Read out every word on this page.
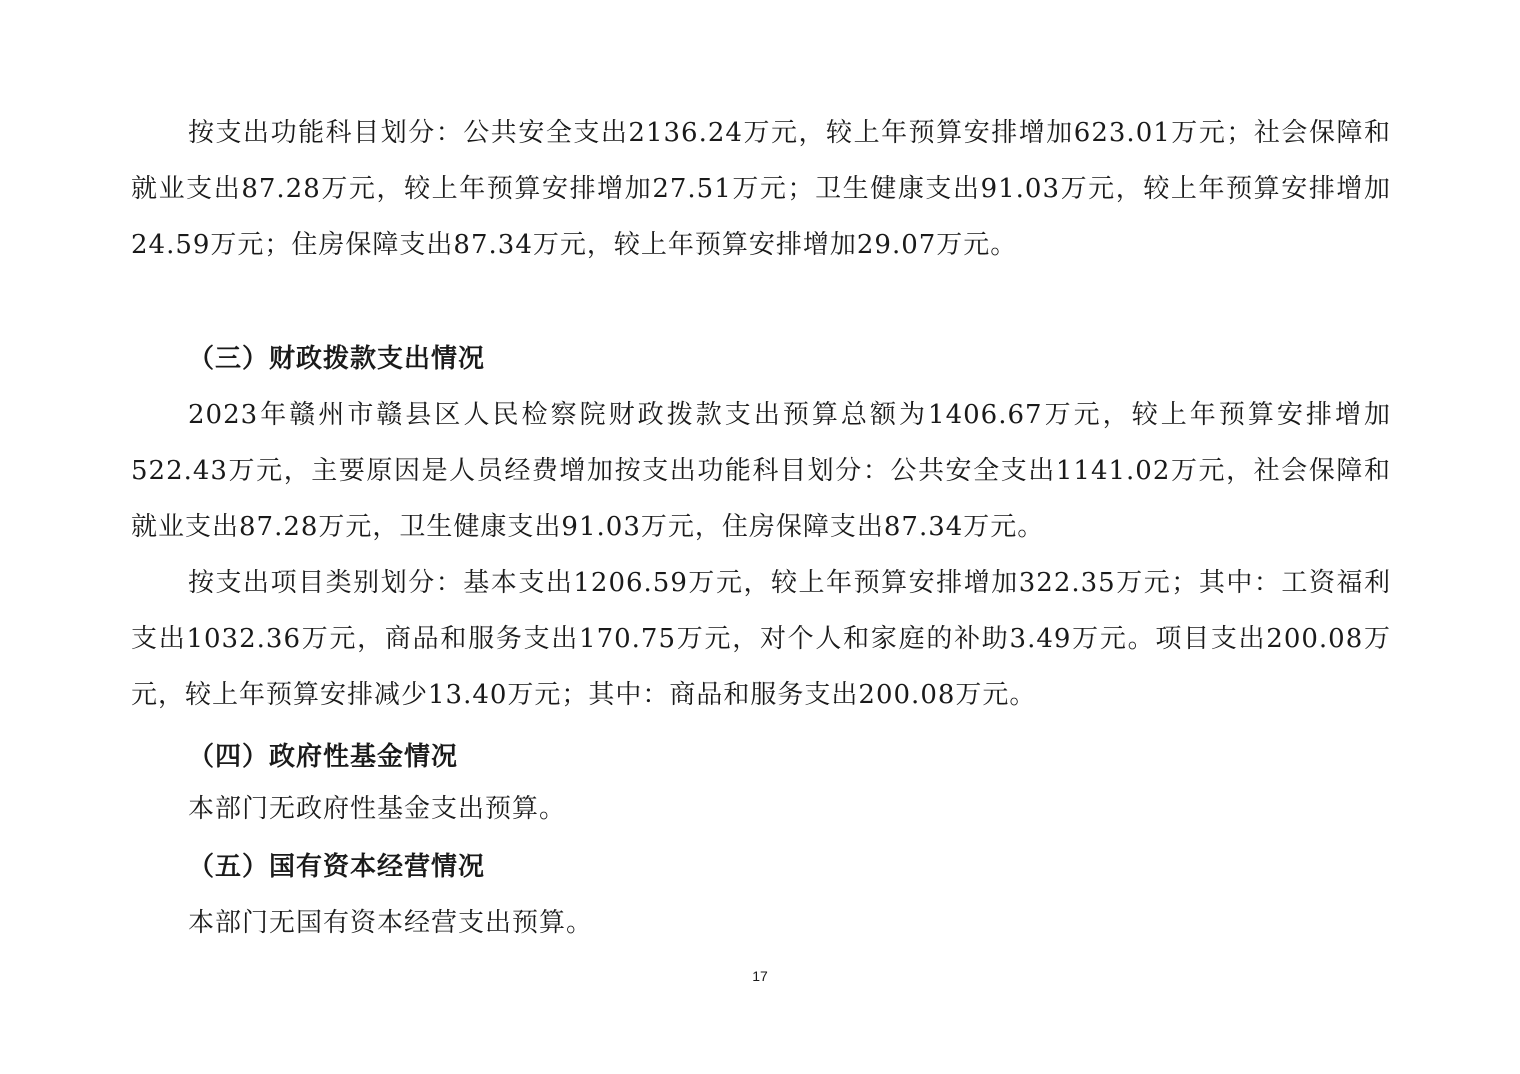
按支出功能科目划分：公共安全支出2136.24万元，较上年预算安排增加623.01万元；社会保障和就业支出87.28万元，较上年预算安排增加27.51万元；卫生健康支出91.03万元，较上年预算安排增加24.59万元；住房保障支出87.34万元，较上年预算安排增加29.07万元。

（三）财政拨款支出情况

2023年赣州市赣县区人民检察院财政拨款支出预算总额为1406.67万元，较上年预算安排增加522.43万元，主要原因是人员经费增加按支出功能科目划分：公共安全支出1141.02万元，社会保障和就业支出87.28万元，卫生健康支出91.03万元，住房保障支出87.34万元。

按支出项目类别划分：基本支出1206.59万元，较上年预算安排增加322.35万元；其中：工资福利支出1032.36万元，商品和服务支出170.75万元，对个人和家庭的补助3.49万元。项目支出200.08万元，较上年预算安排减少13.40万元；其中：商品和服务支出200.08万元。

（四）政府性基金情况

本部门无政府性基金支出预算。

（五）国有资本经营情况

本部门无国有资本经营支出预算。

17
